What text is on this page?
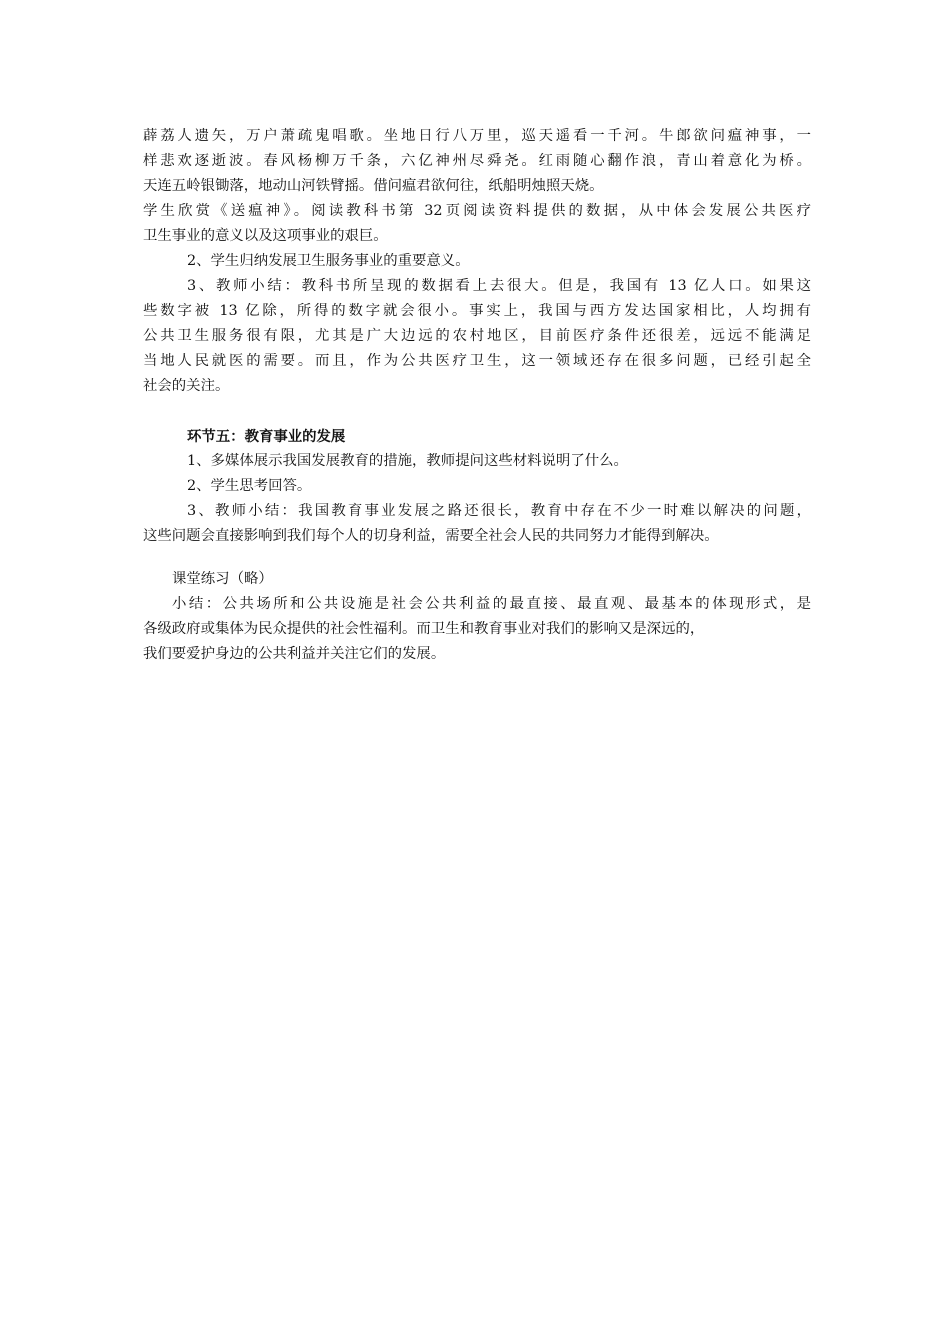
薜荔人遗矢，万户萧疏鬼唱歌。坐地日行八万里，巡天遥看一千河。牛郎欲问瘟神事，一
样悲欢逐逝波。春风杨柳万千条，六亿神州尽舜尧。红雨随心翻作浪，青山着意化为桥。
天连五岭银锄落，地动山河铁臂摇。借问瘟君欲何往，纸船明烛照天烧。
学生欣赏《送瘟神》。阅读教科书第 32页阅读资料提供的数据，从中体会发展公共医疗
卫生事业的意义以及这项事业的艰巨。
2、学生归纳发展卫生服务事业的重要意义。
3、教师小结：教科书所呈现的数据看上去很大。但是，我国有 13 亿人口。如果这
些数字被 13 亿除，所得的数字就会很小。事实上，我国与西方发达国家相比，人均拥有
公共卫生服务很有限，尤其是广大边远的农村地区，目前医疗条件还很差，远远不能满足
当地人民就医的需要。而且，作为公共医疗卫生，这一领域还存在很多问题，已经引起全
社会的关注。
环节五：教育事业的发展
1、多媒体展示我国发展教育的措施，教师提问这些材料说明了什么。
2、学生思考回答。
3、教师小结：我国教育事业发展之路还很长，教育中存在不少一时难以解决的问题，
这些问题会直接影响到我们每个人的切身利益，需要全社会人民的共同努力才能得到解决。
课堂练习（略）
小结：公共场所和公共设施是社会公共利益的最直接、最直观、最基本的体现形式，是
各级政府或集体为民众提供的社会性福利。而卫生和教育事业对我们的影响又是深远的，
我们要爱护身边的公共利益并关注它们的发展。
